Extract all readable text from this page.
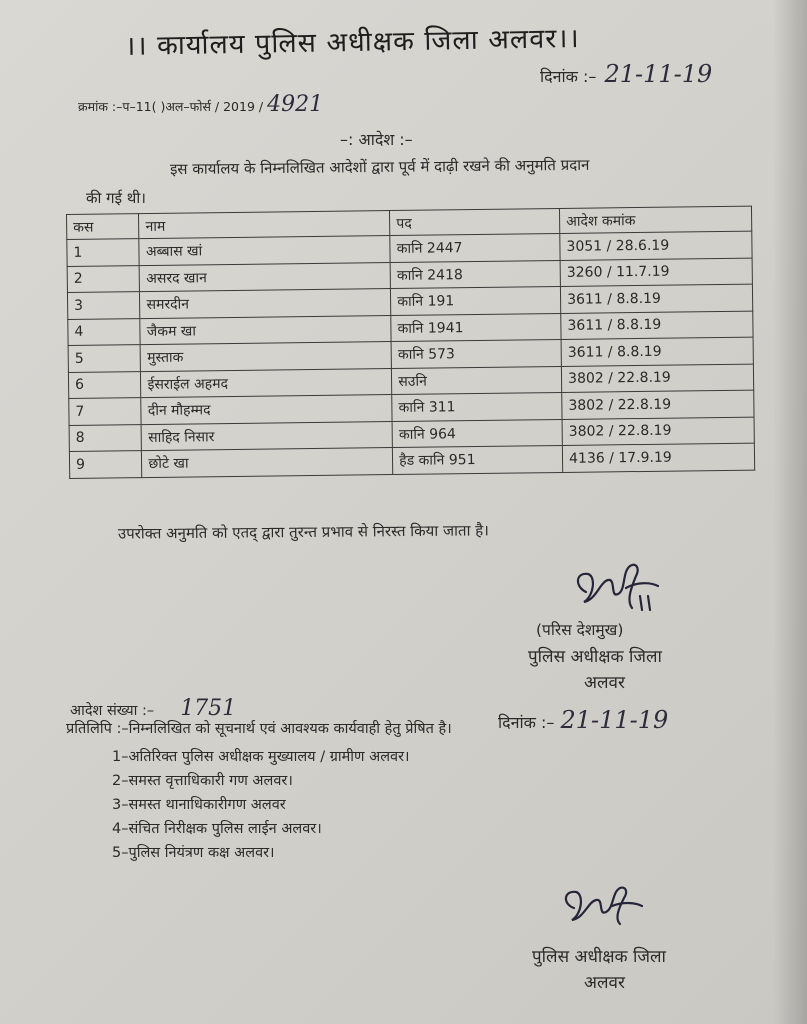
।। कार्यालय पुलिस अधीक्षक जिला अलवर।।
दिनांक :– 21-11-19
क्रमांक :–प–11( )अल–फोर्स / 2019 / 4921
–: आदेश :–
इस कार्यालय के निम्नलिखित आदेशों द्वारा पूर्व में दाढ़ी रखने की अनुमति प्रदान
की गई थी।
कस	नाम	पद	आदेश कमांक
1	अब्बास खां	कानि 2447	3051 / 28.6.19
2	असरद खान	कानि 2418	3260 / 11.7.19
3	समरदीन	कानि 191	3611 / 8.8.19
4	जैकम खा	कानि 1941	3611 / 8.8.19
5	मुस्ताक	कानि 573	3611 / 8.8.19
6	ईसराईल अहमद	सउनि	3802 / 22.8.19
7	दीन मौहम्मद	कानि 311	3802 / 22.8.19
8	साहिद निसार	कानि 964	3802 / 22.8.19
9	छोटे खा	हैड कानि 951	4136 / 17.9.19
उपरोक्त अनुमति को एतद् द्वारा तुरन्त प्रभाव से निरस्त किया जाता है।
(परिस देशमुख)
पुलिस अधीक्षक जिला
अलवर
आदेश संख्या :– 1751
दिनांक :– 21-11-19
प्रतिलिपि :–निम्नलिखित को सूचनार्थ एवं आवश्यक कार्यवाही हेतु प्रेषित है।
1–अतिरिक्त पुलिस अधीक्षक मुख्यालय / ग्रामीण अलवर।
2–समस्त वृत्ताधिकारी गण अलवर।
3–समस्त थानाधिकारीगण अलवर
4–संचित निरीक्षक पुलिस लाईन अलवर।
5–पुलिस नियंत्रण कक्ष अलवर।
पुलिस अधीक्षक जिला
अलवर
